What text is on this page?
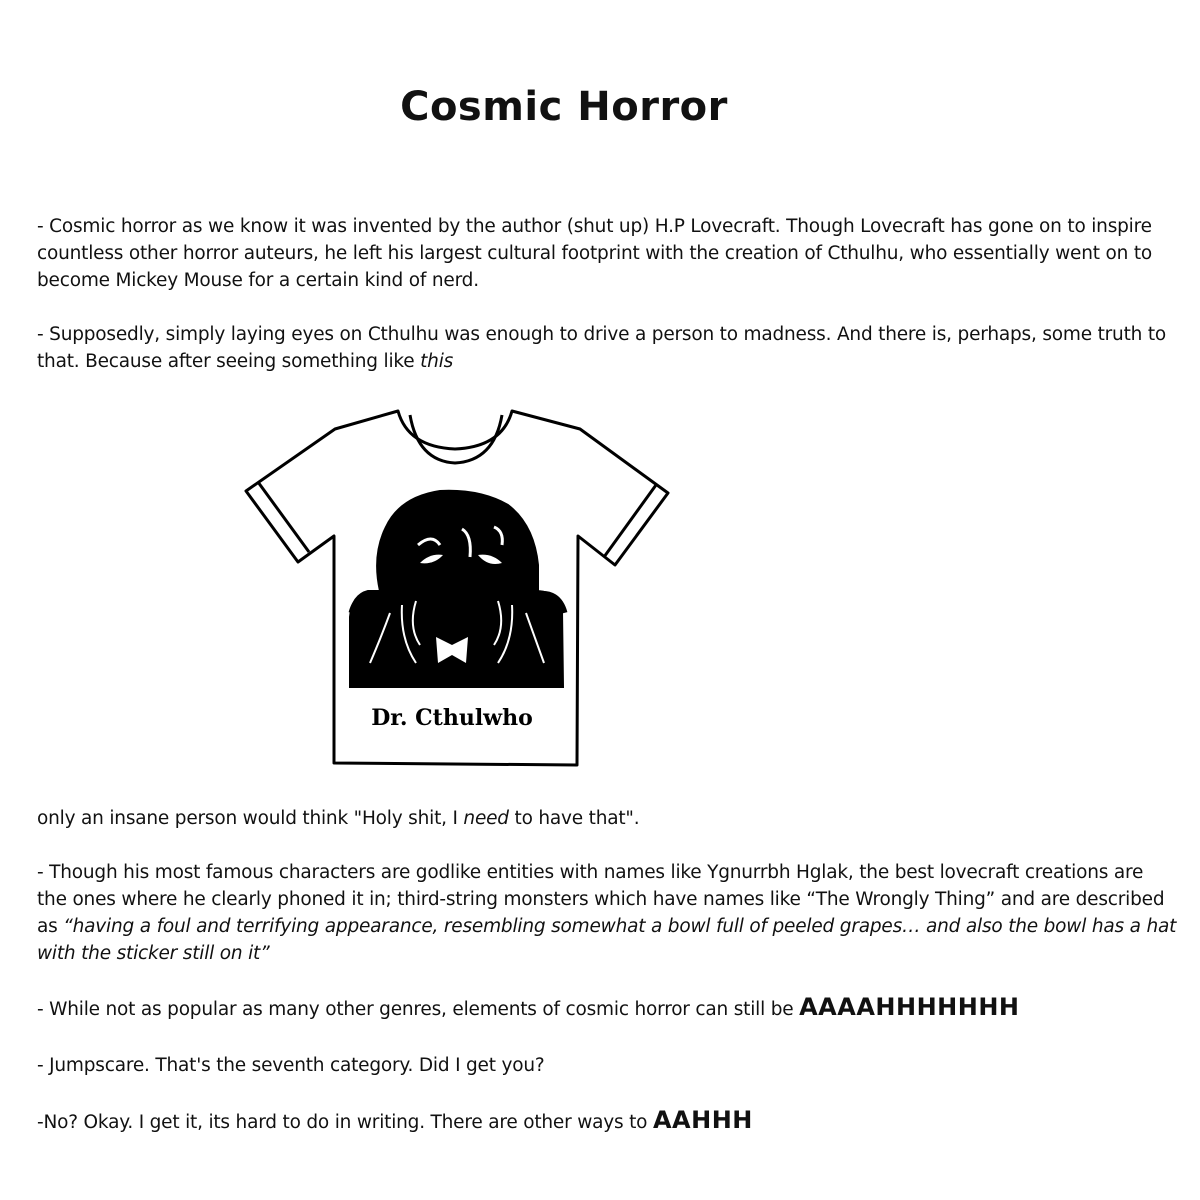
Cosmic Horror

- Cosmic horror as we know it was invented by the author (shut up) H.P Lovecraft. Though Lovecraft has gone on to inspire countless other horror auteurs, he left his largest cultural footprint with the creation of Cthulhu, who essentially went on to become Mickey Mouse for a certain kind of nerd.

- Supposedly, simply laying eyes on Cthulhu was enough to drive a person to madness. And there is, perhaps, some truth to that. Because after seeing something like this

Dr. Cthulwho

only an insane person would think "Holy shit, I need to have that".

- Though his most famous characters are godlike entities with names like Ygnurrbh Hglak, the best lovecraft creations are the ones where he clearly phoned it in; third-string monsters which have names like “The Wrongly Thing” and are described as “having a foul and terrifying appearance, resembling somewhat a bowl full of peeled grapes… and also the bowl has a hat with the sticker still on it”

- While not as popular as many other genres, elements of cosmic horror can still be AAAAHHHHHHH

- Jumpscare. That's the seventh category. Did I get you?

-No? Okay. I get it, its hard to do in writing. There are other ways to AAHHH
